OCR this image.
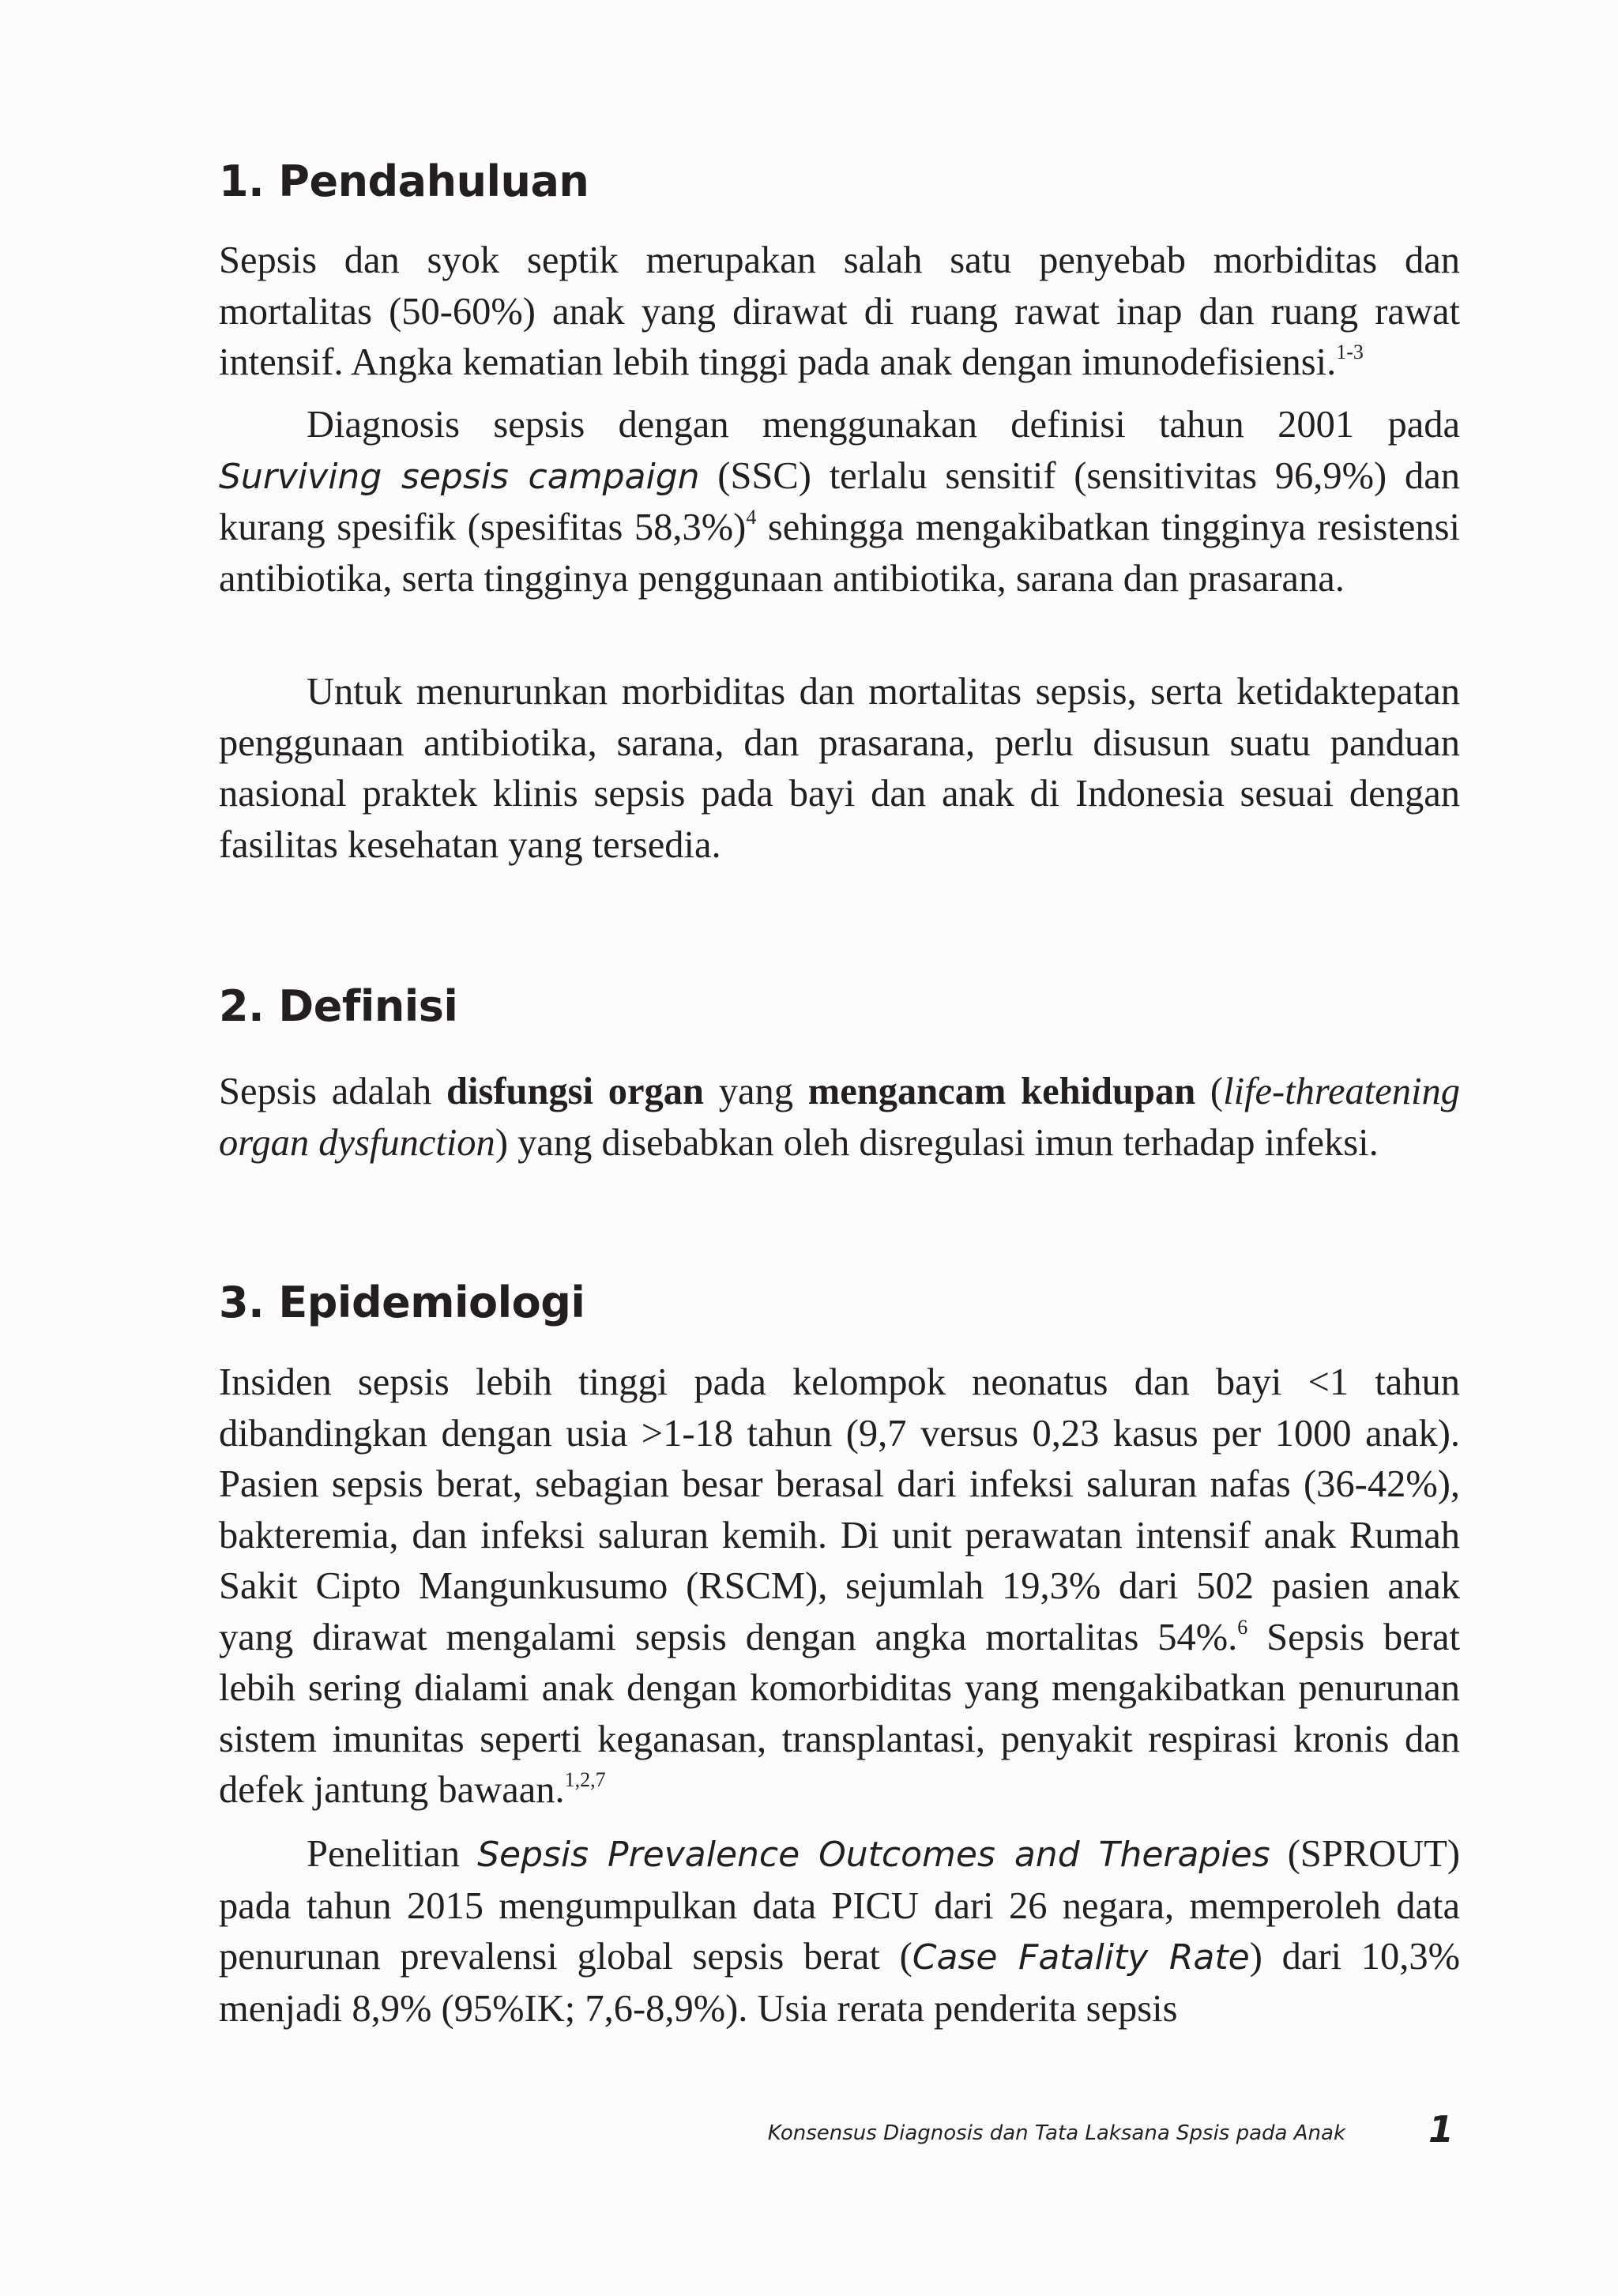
1. Pendahuluan

Sepsis dan syok septik merupakan salah satu penyebab morbiditas dan mortalitas (50-60%) anak yang dirawat di ruang rawat inap dan ruang rawat intensif. Angka kematian lebih tinggi pada anak dengan imunodefisiensi.$^{1-3}$

Diagnosis sepsis dengan menggunakan definisi tahun 2001 pada Surviving sepsis campaign (SSC) terlalu sensitif (sensitivitas 96,9%) dan kurang spesifik (spesifitas 58,3%)$^4$ sehingga mengakibatkan tingginya resistensi antibiotika, serta tingginya penggunaan antibiotika, sarana dan prasarana.

Untuk menurunkan morbiditas dan mortalitas sepsis, serta ketidaktepatan penggunaan antibiotika, sarana, dan prasarana, perlu disusun suatu panduan nasional praktek klinis sepsis pada bayi dan anak di Indonesia sesuai dengan fasilitas kesehatan yang tersedia.

2. Definisi

Sepsis adalah disfungsi organ yang mengancam kehidupan (life-threatening organ dysfunction) yang disebabkan oleh disregulasi imun terhadap infeksi.

3. Epidemiologi

Insiden sepsis lebih tinggi pada kelompok neonatus dan bayi <1 tahun dibandingkan dengan usia >1-18 tahun (9,7 versus 0,23 kasus per 1000 anak). Pasien sepsis berat, sebagian besar berasal dari infeksi saluran nafas (36-42%), bakteremia, dan infeksi saluran kemih. Di unit perawatan intensif anak Rumah Sakit Cipto Mangunkusumo (RSCM), sejumlah 19,3% dari 502 pasien anak yang dirawat mengalami sepsis dengan angka mortalitas 54%.$^6$ Sepsis berat lebih sering dialami anak dengan komorbiditas yang mengakibatkan penurunan sistem imunitas seperti keganasan, transplantasi, penyakit respirasi kronis dan defek jantung bawaan.$^{1,2,7}$

Penelitian Sepsis Prevalence Outcomes and Therapies (SPROUT) pada tahun 2015 mengumpulkan data PICU dari 26 negara, memperoleh data penurunan prevalensi global sepsis berat (Case Fatality Rate) dari 10,3% menjadi 8,9% (95%IK; 7,6-8,9%). Usia rerata penderita sepsis

Konsensus Diagnosis dan Tata Laksana Spsis pada Anak 1
